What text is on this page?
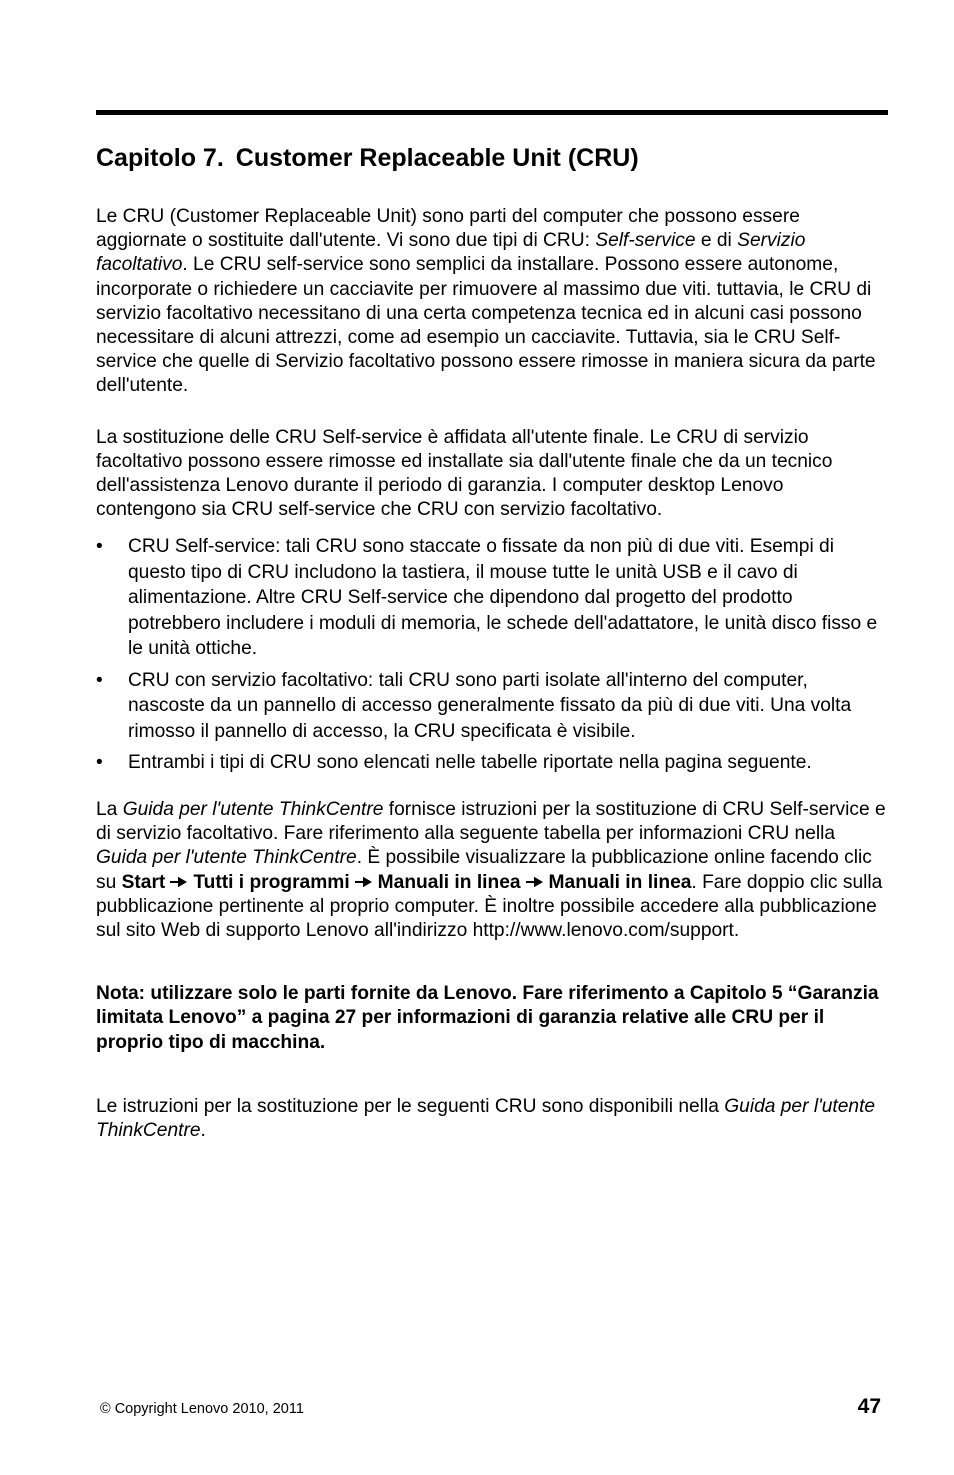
Capitolo 7. Customer Replaceable Unit (CRU)

Le CRU (Customer Replaceable Unit) sono parti del computer che possono essere aggiornate o sostituite dall'utente. Vi sono due tipi di CRU: Self-service e di Servizio facoltativo. Le CRU self-service sono semplici da installare. Possono essere autonome, incorporate o richiedere un cacciavite per rimuovere al massimo due viti. tuttavia, le CRU di servizio facoltativo necessitano di una certa competenza tecnica ed in alcuni casi possono necessitare di alcuni attrezzi, come ad esempio un cacciavite. Tuttavia, sia le CRU Self-service che quelle di Servizio facoltativo possono essere rimosse in maniera sicura da parte dell'utente.

La sostituzione delle CRU Self-service è affidata all'utente finale. Le CRU di servizio facoltativo possono essere rimosse ed installate sia dall'utente finale che da un tecnico dell'assistenza Lenovo durante il periodo di garanzia. I computer desktop Lenovo contengono sia CRU self-service che CRU con servizio facoltativo.

• CRU Self-service: tali CRU sono staccate o fissate da non più di due viti. Esempi di questo tipo di CRU includono la tastiera, il mouse tutte le unità USB e il cavo di alimentazione. Altre CRU Self-service che dipendono dal progetto del prodotto potrebbero includere i moduli di memoria, le schede dell'adattatore, le unità disco fisso e le unità ottiche.
• CRU con servizio facoltativo: tali CRU sono parti isolate all'interno del computer, nascoste da un pannello di accesso generalmente fissato da più di due viti. Una volta rimosso il pannello di accesso, la CRU specificata è visibile.
• Entrambi i tipi di CRU sono elencati nelle tabelle riportate nella pagina seguente.

La Guida per l'utente ThinkCentre fornisce istruzioni per la sostituzione di CRU Self-service e di servizio facoltativo. Fare riferimento alla seguente tabella per informazioni CRU nella Guida per l'utente ThinkCentre. È possibile visualizzare la pubblicazione online facendo clic su Start Tutti i programmi Manuali in linea Manuali in linea. Fare doppio clic sulla pubblicazione pertinente al proprio computer. È inoltre possibile accedere alla pubblicazione sul sito Web di supporto Lenovo all'indirizzo http://www.lenovo.com/support.

Nota: utilizzare solo le parti fornite da Lenovo. Fare riferimento a Capitolo 5 “Garanzia limitata Lenovo” a pagina 27 per informazioni di garanzia relative alle CRU per il proprio tipo di macchina.

Le istruzioni per la sostituzione per le seguenti CRU sono disponibili nella Guida per l'utente ThinkCentre.

© Copyright Lenovo 2010, 2011	47
